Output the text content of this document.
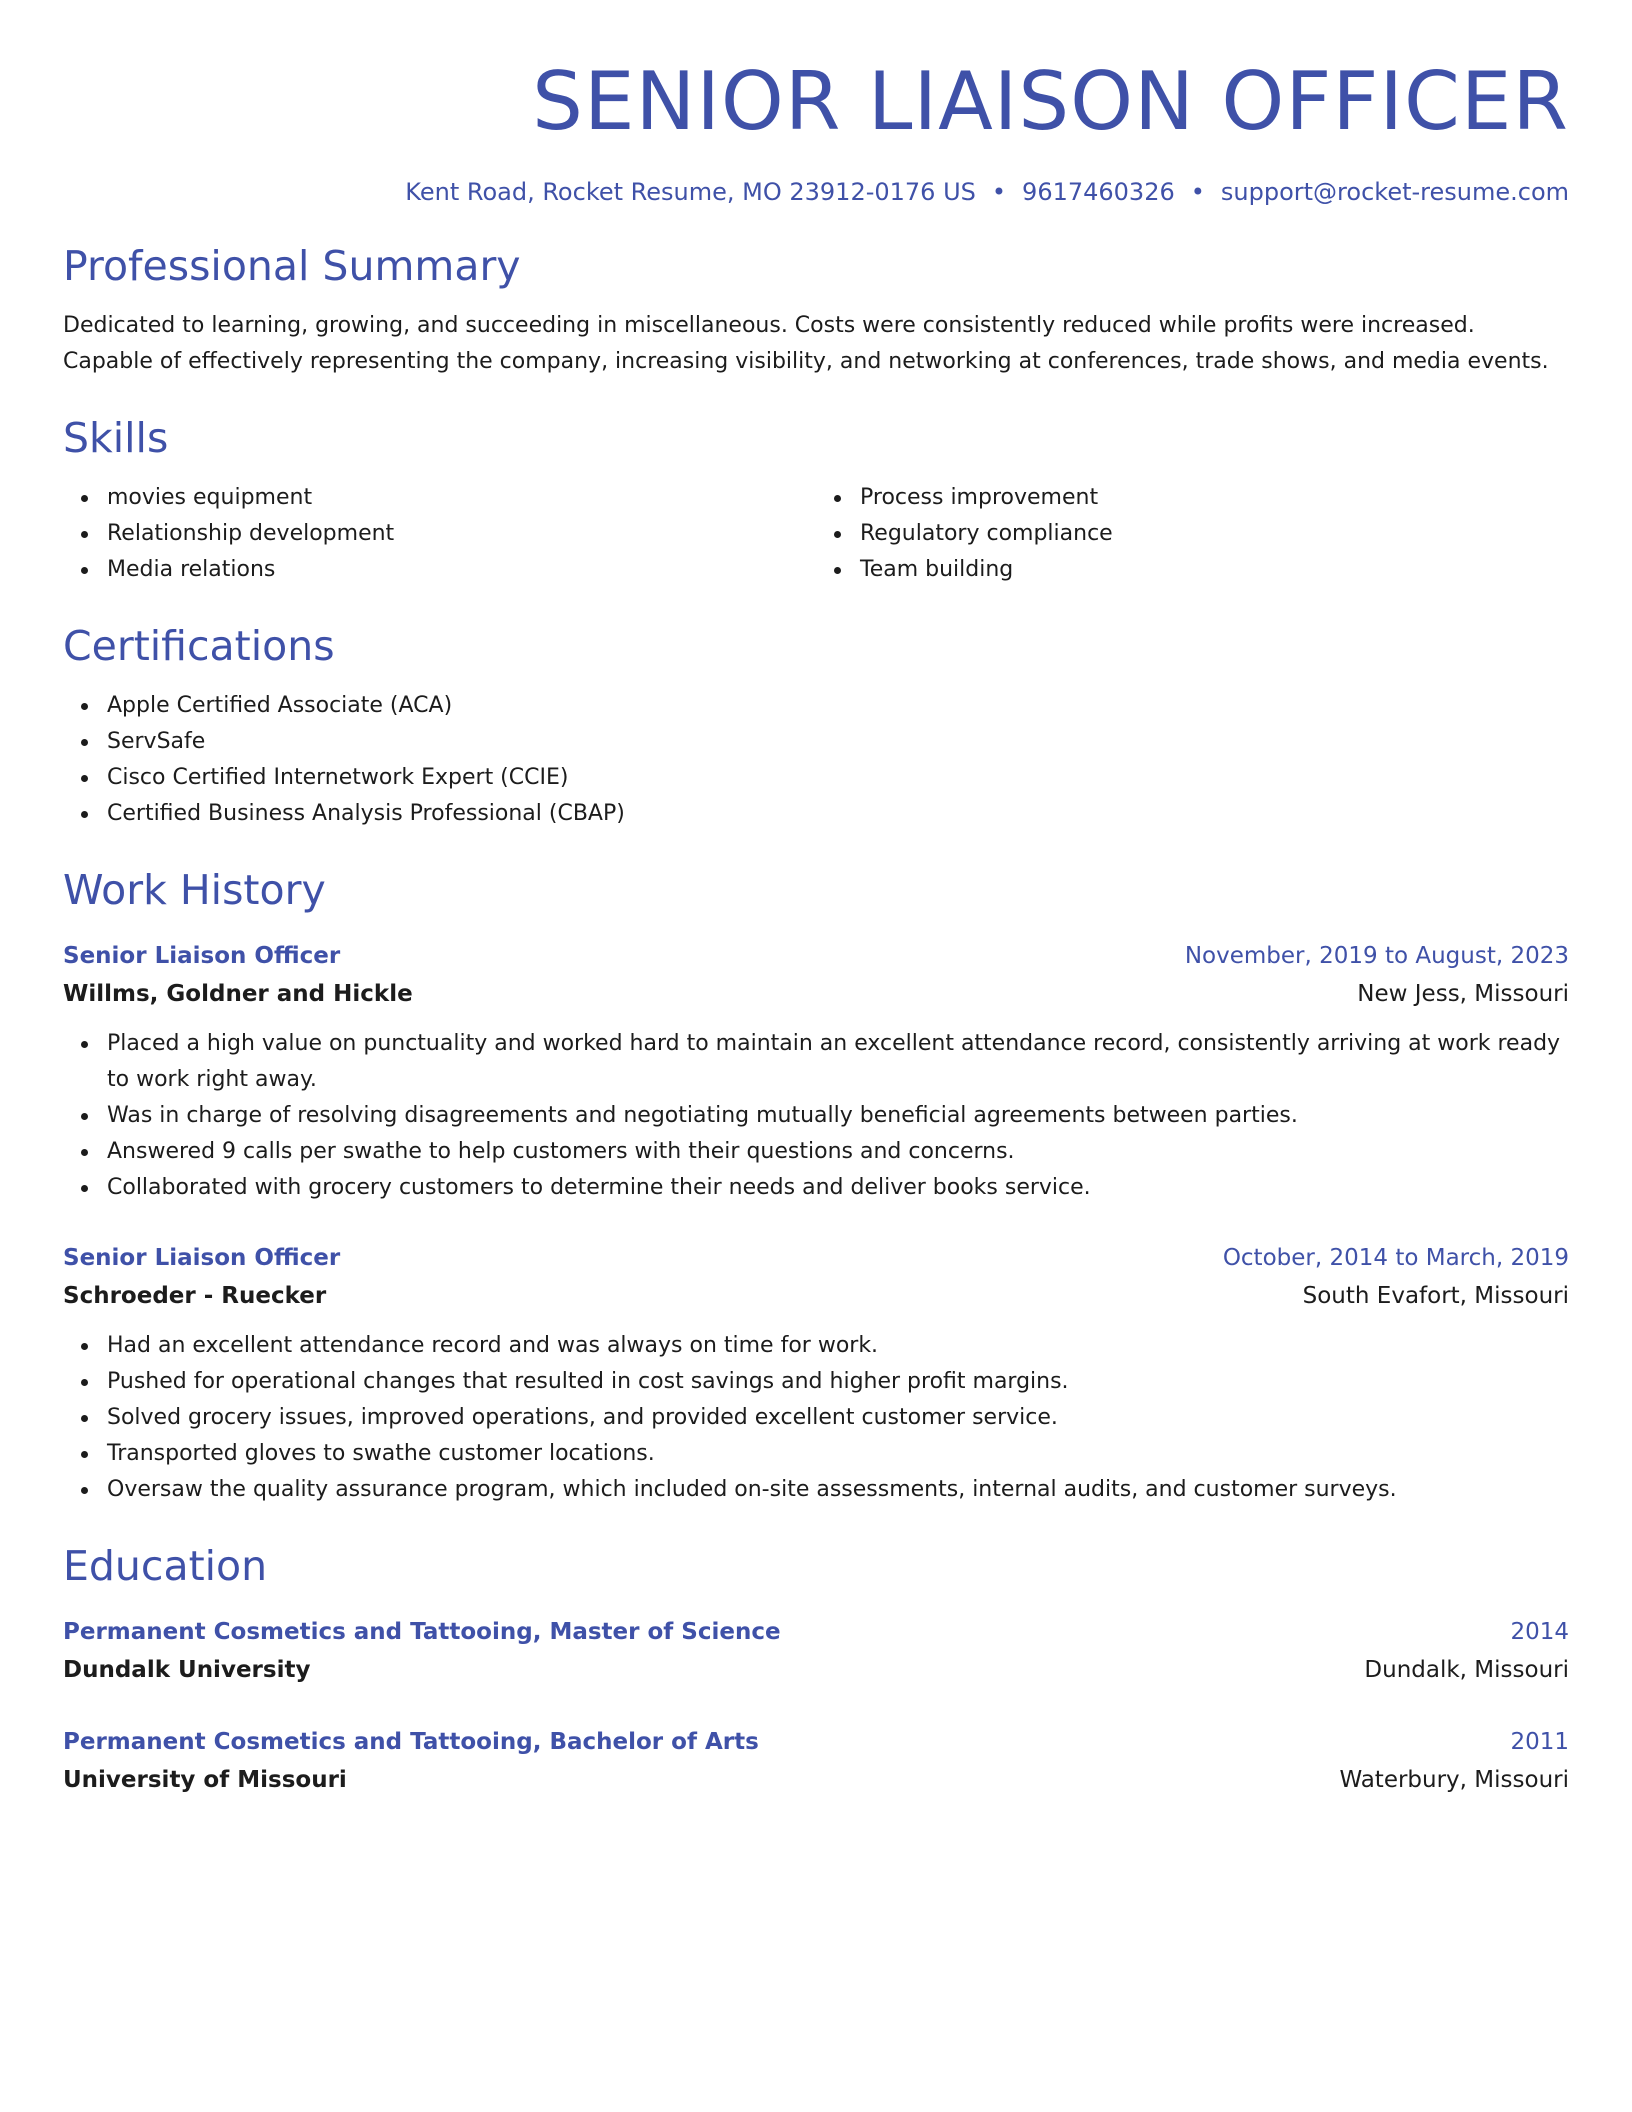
SENIOR LIAISON OFFICER
Kent Road, Rocket Resume, MO 23912-0176 US • 9617460326 • support@rocket-resume.com
Professional Summary

Dedicated to learning, growing, and succeeding in miscellaneous. Costs were consistently reduced while profits were increased. Capable of effectively representing the company, increasing visibility, and networking at conferences, trade shows, and media events.

Skills
movies equipment
Relationship development
Media relations
Process improvement
Regulatory compliance
Team building
Certifications
Apple Certified Associate (ACA)
ServSafe
Cisco Certified Internetwork Expert (CCIE)
Certified Business Analysis Professional (CBAP)
Work History
Senior Liaison Officer	November, 2019 to August, 2023
Willms, Goldner and Hickle	New Jess, Missouri
Placed a high value on punctuality and worked hard to maintain an excellent attendance record, consistently arriving at work ready to work right away.
Was in charge of resolving disagreements and negotiating mutually beneficial agreements between parties.
Answered 9 calls per swathe to help customers with their questions and concerns.
Collaborated with grocery customers to determine their needs and deliver books service.
Senior Liaison Officer	October, 2014 to March, 2019
Schroeder - Ruecker	South Evafort, Missouri
Had an excellent attendance record and was always on time for work.
Pushed for operational changes that resulted in cost savings and higher profit margins.
Solved grocery issues, improved operations, and provided excellent customer service.
Transported gloves to swathe customer locations.
Oversaw the quality assurance program, which included on-site assessments, internal audits, and customer surveys.
Education
Permanent Cosmetics and Tattooing, Master of Science	2014
Dundalk University	Dundalk, Missouri
Permanent Cosmetics and Tattooing, Bachelor of Arts	2011
University of Missouri	Waterbury, Missouri
